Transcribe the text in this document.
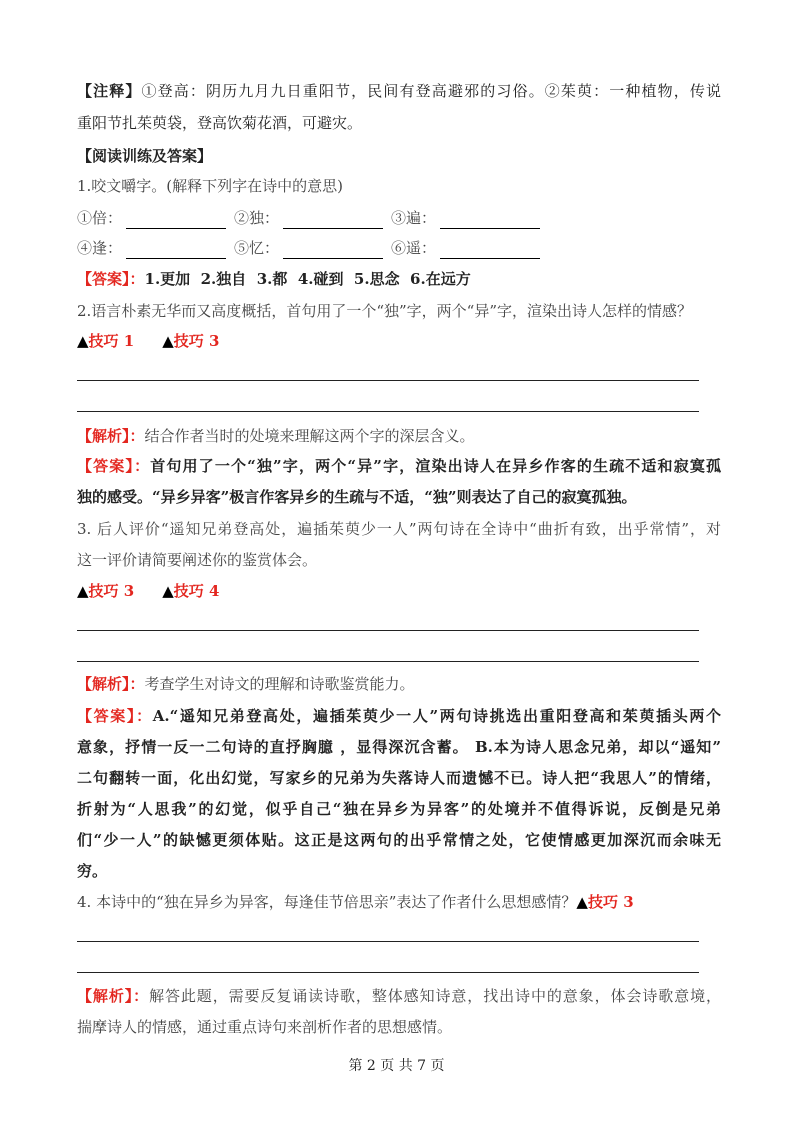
【注释】①登高：阴历九月九日重阳节，民间有登高避邪的习俗。②茱萸：一种植物，传说
重阳节扎茱萸袋，登高饮菊花酒，可避灾。
【阅读训练及答案】
1.咬文嚼字。(解释下列字在诗中的意思)
①倍：	②独：	③遍：
④逢：	⑤忆：	⑥遥：
【答案】：1.更加  2.独自  3.都  4.碰到  5.思念  6.在远方
2.语言朴素无华而又高度概括，首句用了一个“独”字，两个“异”字，渲染出诗人怎样的情感？
▲技巧 1 ▲技巧 3
【解析】：结合作者当时的处境来理解这两个字的深层含义。
【答案】：首句用了一个“独”字，两个“异”字，渲染出诗人在异乡作客的生疏不适和寂寞孤
独的感受。“异乡异客”极言作客异乡的生疏与不适，“独”则表达了自己的寂寞孤独。
3. 后人评价“遥知兄弟登高处，遍插茱萸少一人”两句诗在全诗中“曲折有致，出乎常情”，对
这一评价请简要阐述你的鉴赏体会。
▲技巧 3 ▲技巧 4
【解析】：考查学生对诗文的理解和诗歌鉴赏能力。
【答案】：A.“遥知兄弟登高处，遍插茱萸少一人”两句诗挑选出重阳登高和茱萸插头两个
意象，抒情一反一二句诗的直抒胸臆 ，显得深沉含蓄。 B.本为诗人思念兄弟，却以“遥知”
二句翻转一面，化出幻觉，写家乡的兄弟为失落诗人而遗憾不已。诗人把“我思人”的情绪，
折射为“人思我”的幻觉，似乎自己“独在异乡为异客”的处境并不值得诉说，反倒是兄弟
们“少一人”的缺憾更须体贴。这正是这两句的出乎常情之处，它使情感更加深沉而余味无
穷。
4. 本诗中的“独在异乡为异客，每逢佳节倍思亲”表达了作者什么思想感情？▲技巧 3
【解析】：解答此题，需要反复诵读诗歌，整体感知诗意，找出诗中的意象，体会诗歌意境，
揣摩诗人的情感，通过重点诗句来剖析作者的思想感情。
第 2 页 共 7 页
